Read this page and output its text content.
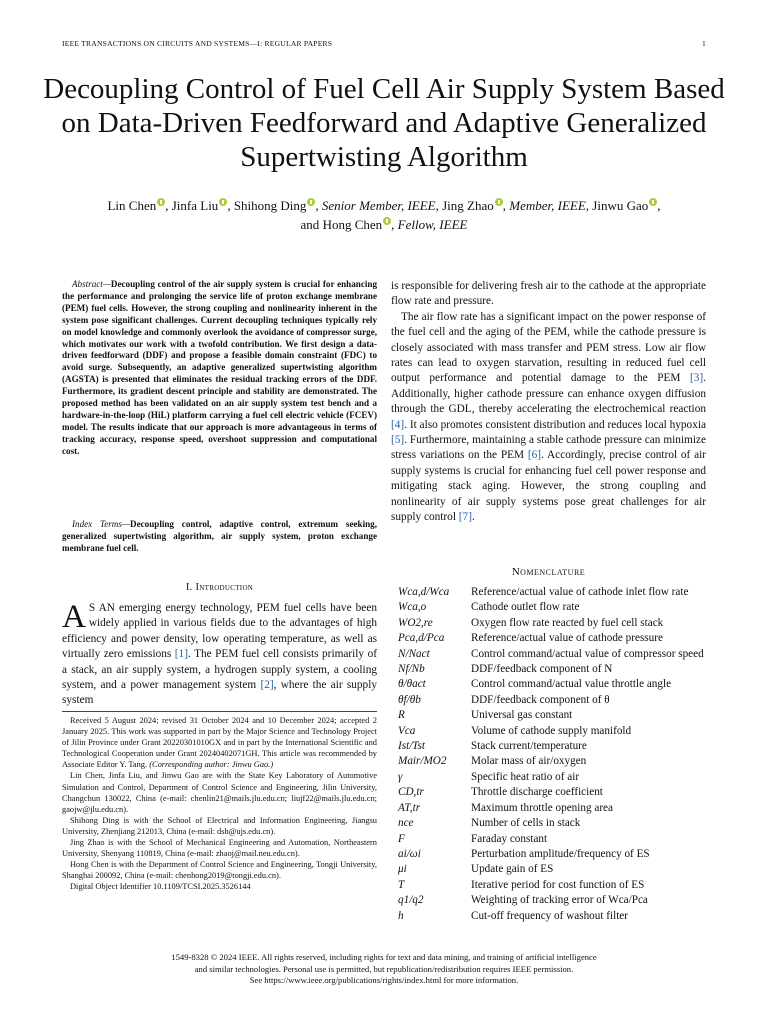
IEEE TRANSACTIONS ON CIRCUITS AND SYSTEMS—I: REGULAR PAPERS	1
Decoupling Control of Fuel Cell Air Supply System Based on Data-Driven Feedforward and Adaptive Generalized Supertwisting Algorithm
Lin Chen , Jinfa Liu , Shihong Ding , Senior Member, IEEE, Jing Zhao , Member, IEEE, Jinwu Gao ,
and Hong Chen , Fellow, IEEE
Abstract—Decoupling control of the air supply system is crucial for enhancing the performance and prolonging the service life of proton exchange membrane (PEM) fuel cells. However, the strong coupling and nonlinearity inherent in the system pose significant challenges. Current decoupling techniques typically rely on model knowledge and commonly overlook the avoidance of compressor surge, which motivates our work with a twofold contribution. We first design a data-driven feedforward (DDF) and propose a feasible domain constraint (FDC) to avoid surge. Subsequently, an adaptive generalized supertwisting algorithm (AGSTA) is presented that eliminates the residual tracking errors of the DDF. Furthermore, its gradient descent principle and stability are demonstrated. The proposed method has been validated on an air supply system test bench and a hardware-in-the-loop (HiL) platform carrying a fuel cell electric vehicle (FCEV) model. The results indicate that our approach is more advantageous in terms of tracking accuracy, response speed, overshoot suppression and computational cost.
Index Terms—Decoupling control, adaptive control, extremum seeking, generalized supertwisting algorithm, air supply system, proton exchange membrane fuel cell.
I. Introduction
A S AN emerging energy technology, PEM fuel cells have been widely applied in various fields due to the advantages of high efficiency and power density, low operating temperature, as well as virtually zero emissions [1]. The PEM fuel cell consists primarily of a stack, an air supply system, a hydrogen supply system, a cooling system, and a power management system [2], where the air supply system

Received 5 August 2024; revised 31 October 2024 and 10 December 2024; accepted 2 January 2025. This work was supported in part by the Major Science and Technology Project of Jilin Province under Grant 20220301010GX and in part by the International Scientific and Technological Cooperation under Grant 20240402071GH. This article was recommended by Associate Editor Y. Tang. (Corresponding author: Jinwu Gao.)

Lin Chen, Jinfa Liu, and Jinwu Gao are with the State Key Laboratory of Automotive Simulation and Control, Department of Control Science and Engineering, Jilin University, Changchun 130022, China (e-mail: chenlin21@mails.jlu.edu.cn; liujf22@mails.jlu.edu.cn; gaojw@jlu.edu.cn).

Shihong Ding is with the School of Electrical and Information Engineering, Jiangsu University, Zhenjiang 212013, China (e-mail: dsh@ujs.edu.cn).

Jing Zhao is with the School of Mechanical Engineering and Automation, Northeastern University, Shenyang 110819, China (e-mail: zhaoj@mail.neu.edu.cn).

Hong Chen is with the Department of Control Science and Engineering, Tongji University, Shanghai 200092, China (e-mail: chenhong2019@tongji.edu.cn).

Digital Object Identifier 10.1109/TCSI.2025.3526144

is responsible for delivering fresh air to the cathode at the appropriate flow rate and pressure.

The air flow rate has a significant impact on the power response of the fuel cell and the aging of the PEM, while the cathode pressure is closely associated with mass transfer and PEM stress. Low air flow rates can lead to oxygen starvation, resulting in reduced fuel cell output performance and potential damage to the PEM [3]. Additionally, higher cathode pressure can enhance oxygen diffusion through the GDL, thereby accelerating the electrochemical reaction [4]. It also promotes consistent distribution and reduces local hypoxia [5]. Furthermore, maintaining a stable cathode pressure can minimize stress variations on the PEM [6]. Accordingly, precise control of air supply systems is crucial for enhancing fuel cell power response and mitigating stack aging. However, the strong coupling and nonlinearity of air supply systems pose great challenges for air supply control [7].

Nomenclature
Wca,d/Wca	Reference/actual value of cathode inlet flow rate
Wca,o	Cathode outlet flow rate
WO2,re	Oxygen flow rate reacted by fuel cell stack
Pca,d/Pca	Reference/actual value of cathode pressure
N/Nact	Control command/actual value of compressor speed
Nf/Nb	DDF/feedback component of N
θ/θact	Control command/actual value throttle angle
θf/θb	DDF/feedback component of θ
R	Universal gas constant
Vca	Volume of cathode supply manifold
Ist/Tst	Stack current/temperature
Mair/MO2	Molar mass of air/oxygen
γ	Specific heat ratio of air
CD,tr	Throttle discharge coefficient
AT,tr	Maximum throttle opening area
nce	Number of cells in stack
F	Faraday constant
ai/ωi	Perturbation amplitude/frequency of ES
μi	Update gain of ES
T	Iterative period for cost function of ES
q1/q2	Weighting of tracking error of Wca/Pca
h	Cut-off frequency of washout filter
1549-8328 © 2024 IEEE. All rights reserved, including rights for text and data mining, and training of artificial intelligence
and similar technologies. Personal use is permitted, but republication/redistribution requires IEEE permission.
See https://www.ieee.org/publications/rights/index.html for more information.
